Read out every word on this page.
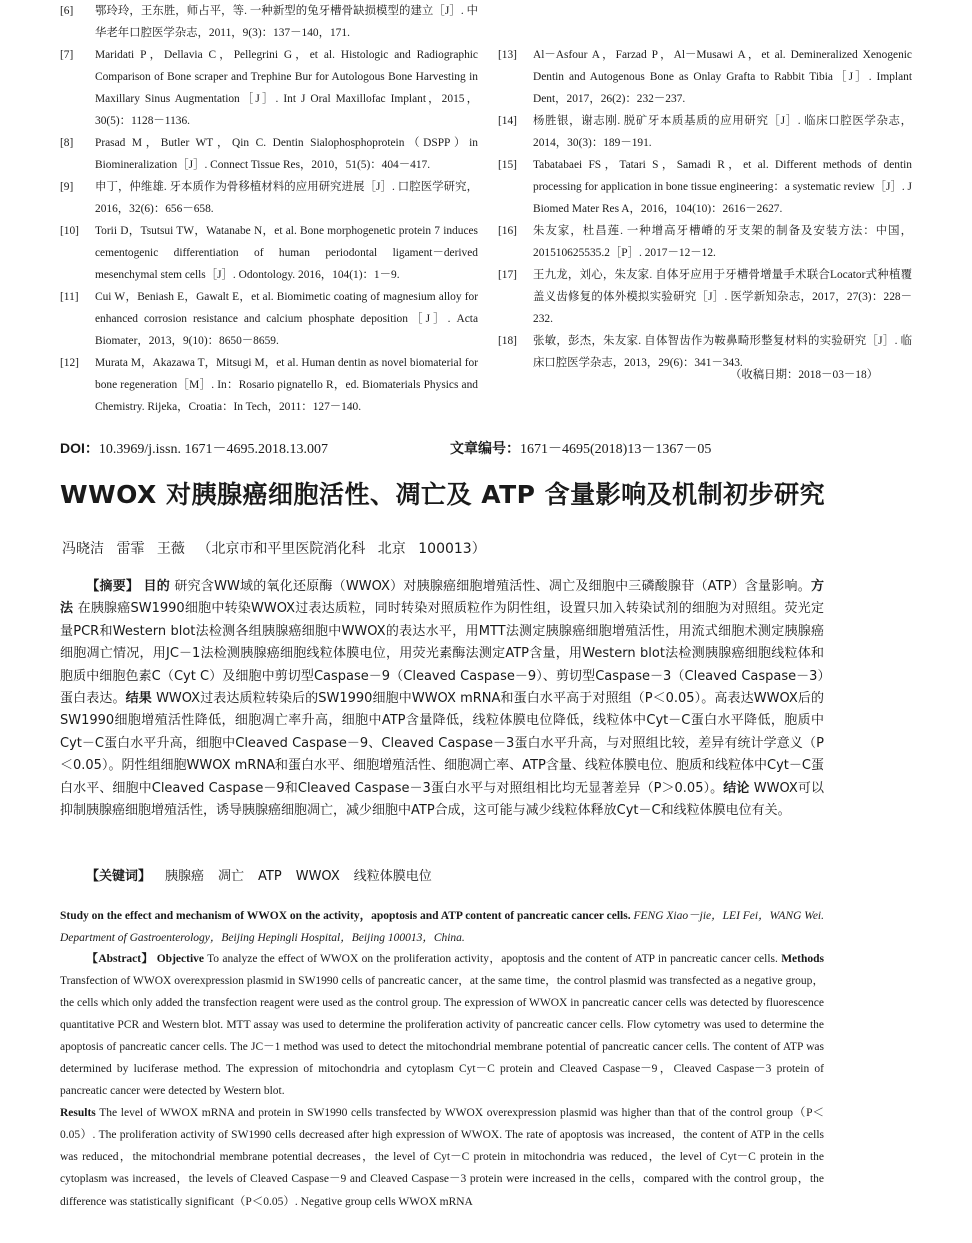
[6]	鄂玲玲，王东胜，师占平，等. 一种新型的兔牙槽骨缺损模型的建立［J］. 中华老年口腔医学杂志，2011，9(3)：137－140，171.
[7]	Maridati P，Dellavia C，Pellegrini G，et al. Histologic and Radiographic Comparison of Bone scraper and Trephine Bur for Autologous Bone Harvesting in Maxillary Sinus Augmentation［J］. Int J Oral Maxillofac Implant，2015，30(5)：1128－1136.
[8]	Prasad M，Butler WT，Qin C. Dentin Sialophosphoprotein（DSPP）in Biomineralization［J］. Connect Tissue Res，2010，51(5)：404－417.
[9]	申丁，仲维雄. 牙本质作为骨移植材料的应用研究进展［J］. 口腔医学研究，2016，32(6)：656－658.
[10]	Torii D，Tsutsui TW，Watanabe N，et al. Bone morphogenetic protein 7 induces cementogenic differentiation of human periodontal ligament－derived mesenchymal stem cells［J］. Odontology. 2016，104(1)：1－9.
[11]	Cui W，Beniash E，Gawalt E，et al. Biomimetic coating of magnesium alloy for enhanced corrosion resistance and calcium phosphate deposition［J］. Acta Biomater，2013，9(10)：8650－8659.
[12]	Murata M，Akazawa T，Mitsugi M，et al. Human dentin as novel biomaterial for bone regeneration［M］. In：Rosario pignatello R，ed. Biomaterials Physics and Chemistry. Rijeka，Croatia：In Tech，2011：127－140.
[13]	Al－Asfour A，Farzad P，Al－Musawi A，et al. Demineralized Xenogenic Dentin and Autogenous Bone as Onlay Grafta to Rabbit Tibia［J］. Implant Dent，2017，26(2)：232－237.
[14]	杨胜银，谢志刚. 脱矿牙本质基质的应用研究［J］. 临床口腔医学杂志，2014，30(3)：189－191.
[15]	Tabatabaei FS，Tatari S，Samadi R，et al. Different methods of dentin processing for application in bone tissue engineering：a systematic review［J］. J Biomed Mater Res A，2016，104(10)：2616－2627.
[16]	朱友家，杜昌莲. 一种增高牙槽嵴的牙支架的制备及安装方法：中国，201510625535.2［P］. 2017－12－12.
[17]	王九龙，刘心，朱友家. 自体牙应用于牙槽骨增量手术联合Locator式种植覆盖义齿修复的体外模拟实验研究［J］. 医学新知杂志，2017，27(3)：228－232.
[18]	张敏，彭杰，朱友家. 自体智齿作为鞍鼻畸形整复材料的实验研究［J］. 临床口腔医学杂志，2013，29(6)：341－343.
（收稿日期：2018－03－18）
DOI：10.3969/j.issn. 1671－4695.2018.13.007	文章编号：1671－4695(2018)13－1367－05
WWOX 对胰腺癌细胞活性、凋亡及 ATP 含量影响及机制初步研究
冯晓洁 雷霏 王薇 （北京市和平里医院消化科 北京 100013）
【摘要】 目的 研究含WW域的氧化还原酶（WWOX）对胰腺癌细胞增殖活性、凋亡及细胞中三磷酸腺苷（ATP）含量影响。方法 在胰腺癌SW1990细胞中转染WWOX过表达质粒，同时转染对照质粒作为阴性组，设置只加入转染试剂的细胞为对照组。荧光定量PCR和Western blot法检测各组胰腺癌细胞中WWOX的表达水平，用MTT法测定胰腺癌细胞增殖活性，用流式细胞术测定胰腺癌细胞凋亡情况，用JC－1法检测胰腺癌细胞线粒体膜电位，用荧光素酶法测定ATP含量，用Western blot法检测胰腺癌细胞线粒体和胞质中细胞色素C（Cyt C）及细胞中剪切型Caspase－9（Cleaved Caspase－9）、剪切型Caspase－3（Cleaved Caspase－3）蛋白表达。结果 WWOX过表达质粒转染后的SW1990细胞中WWOX mRNA和蛋白水平高于对照组（P＜0.05）。高表达WWOX后的SW1990细胞增殖活性降低，细胞凋亡率升高，细胞中ATP含量降低，线粒体膜电位降低，线粒体中Cyt－C蛋白水平降低，胞质中Cyt－C蛋白水平升高，细胞中Cleaved Caspase－9、Cleaved Caspase－3蛋白水平升高，与对照组比较，差异有统计学意义（P＜0.05）。阴性组细胞WWOX mRNA和蛋白水平、细胞增殖活性、细胞凋亡率、ATP含量、线粒体膜电位、胞质和线粒体中Cyt－C蛋白水平、细胞中Cleaved Caspase－9和Cleaved Caspase－3蛋白水平与对照组相比均无显著差异（P＞0.05）。结论 WWOX可以抑制胰腺癌细胞增殖活性，诱导胰腺癌细胞凋亡，减少细胞中ATP合成，这可能与减少线粒体释放Cyt－C和线粒体膜电位有关。
【关键词】 胰腺癌 凋亡 ATP WWOX 线粒体膜电位
Study on the effect and mechanism of WWOX on the activity，apoptosis and ATP content of pancreatic cancer cells. FENG Xiao－jie，LEI Fei，WANG Wei. Department of Gastroenterology，Beijing Hepingli Hospital，Beijing 100013，China.
【Abstract】 Objective To analyze the effect of WWOX on the proliferation activity，apoptosis and the content of ATP in pancreatic cancer cells. Methods Transfection of WWOX overexpression plasmid in SW1990 cells of pancreatic cancer，at the same time，the control plasmid was transfected as a negative group，the cells which only added the transfection reagent were used as the control group. The expression of WWOX in pancreatic cancer cells was detected by fluorescence quantitative PCR and Western blot. MTT assay was used to determine the proliferation activity of pancreatic cancer cells. Flow cytometry was used to determine the apoptosis of pancreatic cancer cells. The JC－1 method was used to detect the mitochondrial membrane potential of pancreatic cancer cells. The content of ATP was determined by luciferase method. The expression of mitochondria and cytoplasm Cyt－C protein and Cleaved Caspase－9，Cleaved Caspase－3 protein of pancreatic cancer were detected by Western blot.
Results The level of WWOX mRNA and protein in SW1990 cells transfected by WWOX overexpression plasmid was higher than that of the control group（P＜0.05）. The proliferation activity of SW1990 cells decreased after high expression of WWOX. The rate of apoptosis was increased，the content of ATP in the cells was reduced，the mitochondrial membrane potential decreases，the level of Cyt－C protein in mitochondria was reduced，the level of Cyt－C protein in the cytoplasm was increased，the levels of Cleaved Caspase－9 and Cleaved Caspase－3 protein were increased in the cells，compared with the control group，the difference was statistically significant（P＜0.05）. Negative group cells WWOX mRNA
